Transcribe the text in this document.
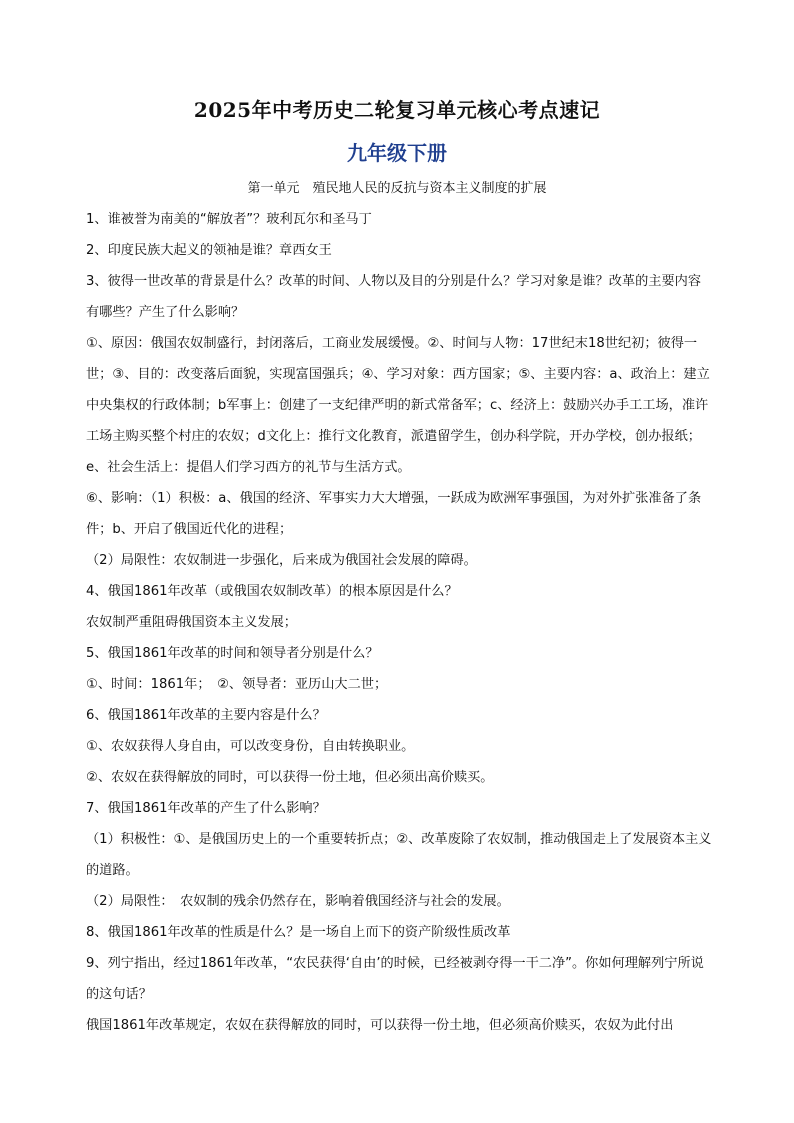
2025年中考历史二轮复习单元核心考点速记
九年级下册
第一单元　殖民地人民的反抗与资本主义制度的扩展

1、谁被誉为南美的“解放者”？玻利瓦尔和圣马丁

2、印度民族大起义的领袖是谁？章西女王

3、彼得一世改革的背景是什么？改革的时间、人物以及目的分别是什么？学习对象是谁？改革的主要内容有哪些？产生了什么影响？

①、原因：俄国农奴制盛行，封闭落后，工商业发展缓慢。②、时间与人物：17世纪末18世纪初；彼得一世；③、目的：改变落后面貌，实现富国强兵；④、学习对象：西方国家；⑤、主要内容：a、政治上：建立中央集权的行政体制；b军事上：创建了一支纪律严明的新式常备军；c、经济上：鼓励兴办手工工场，准许工场主购买整个村庄的农奴；d文化上：推行文化教育，派遣留学生，创办科学院，开办学校，创办报纸；e、社会生活上：提倡人们学习西方的礼节与生活方式。

⑥、影响：（1）积极：a、俄国的经济、军事实力大大增强，一跃成为欧洲军事强国，为对外扩张准备了条件；b、开启了俄国近代化的进程；

（2）局限性：农奴制进一步强化，后来成为俄国社会发展的障碍。

4、俄国1861年改革（或俄国农奴制改革）的根本原因是什么？

农奴制严重阻碍俄国资本主义发展；

5、俄国1861年改革的时间和领导者分别是什么？

①、时间：1861年；　②、领导者：亚历山大二世；

6、俄国1861年改革的主要内容是什么？

①、农奴获得人身自由，可以改变身份，自由转换职业。

②、农奴在获得解放的同时，可以获得一份土地，但必须出高价赎买。

7、俄国1861年改革的产生了什么影响？

（1）积极性：①、是俄国历史上的一个重要转折点；②、改革废除了农奴制，推动俄国走上了发展资本主义的道路。

（2）局限性：　农奴制的残余仍然存在，影响着俄国经济与社会的发展。

8、俄国1861年改革的性质是什么？是一场自上而下的资产阶级性质改革

9、列宁指出，经过1861年改革，“农民获得‘自由’的时候，已经被剥夺得一干二净”。你如何理解列宁所说的这句话？

俄国1861年改革规定，农奴在获得解放的同时，可以获得一份土地，但必须高价赎买，农奴为此付出
